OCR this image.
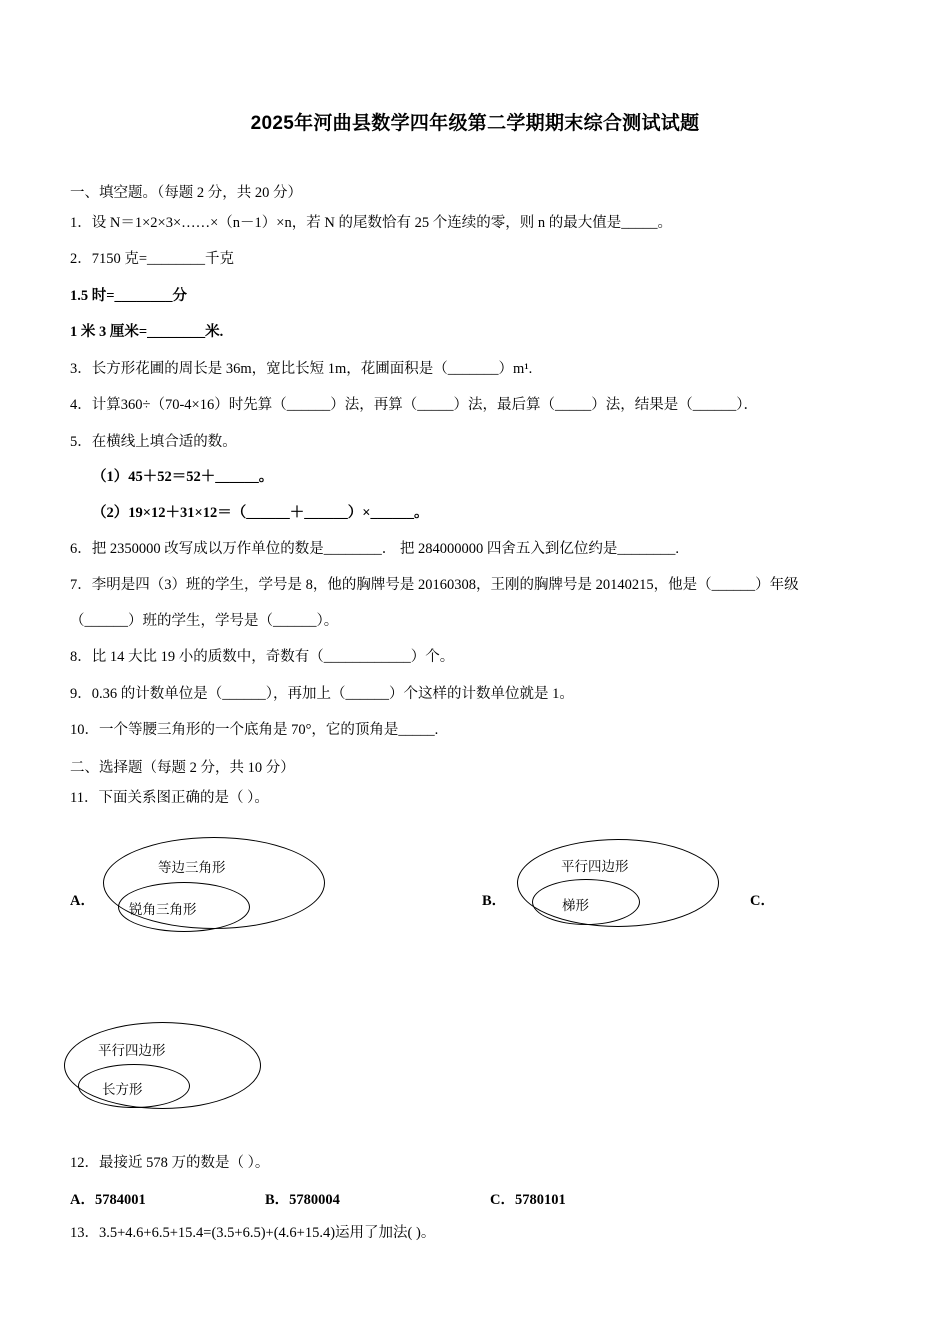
2025年河曲县数学四年级第二学期期末综合测试试题
一、填空题。（每题 2 分，共 20 分）
1．设 N＝1×2×3×……×（n－1）×n，若 N 的尾数恰有 25 个连续的零，则 n 的最大值是_____。
2．7150 克=________千克
1.5 时=________分
1 米 3 厘米=________米.
3．长方形花圃的周长是 36m，宽比长短 1m，花圃面积是（_______）m¹.
4．计算360÷（70-4×16）时先算（______）法，再算（_____）法，最后算（_____）法，结果是（______）．
5．在横线上填合适的数。
（1）45＋52＝52＋______。
（2）19×12＋31×12＝（______＋______）×______。
6．把 2350000 改写成以万作单位的数是________． 把 284000000 四舍五入到亿位约是________.
7．李明是四（3）班的学生，学号是 8，他的胸牌号是 20160308，王刚的胸牌号是 20140215，他是（______）年级
（______）班的学生，学号是（______）。
8．比 14 大比 19 小的质数中，奇数有（____________）个。
9．0.36 的计数单位是（______），再加上（______）个这样的计数单位就是 1。
10．一个等腰三角形的一个底角是 70°，它的顶角是_____.
二、选择题（每题 2 分，共 10 分）
11．下面关系图正确的是（ ）。
A．
等边三角形
锐角三角形
B．
平行四边形
梯形	C．
平行四边形
长方形
12．最接近 578 万的数是（ ）。
A．5784001	B．5780004	C．5780101
13．3.5+4.6+6.5+15.4=(3.5+6.5)+(4.6+15.4)运用了加法( )。
